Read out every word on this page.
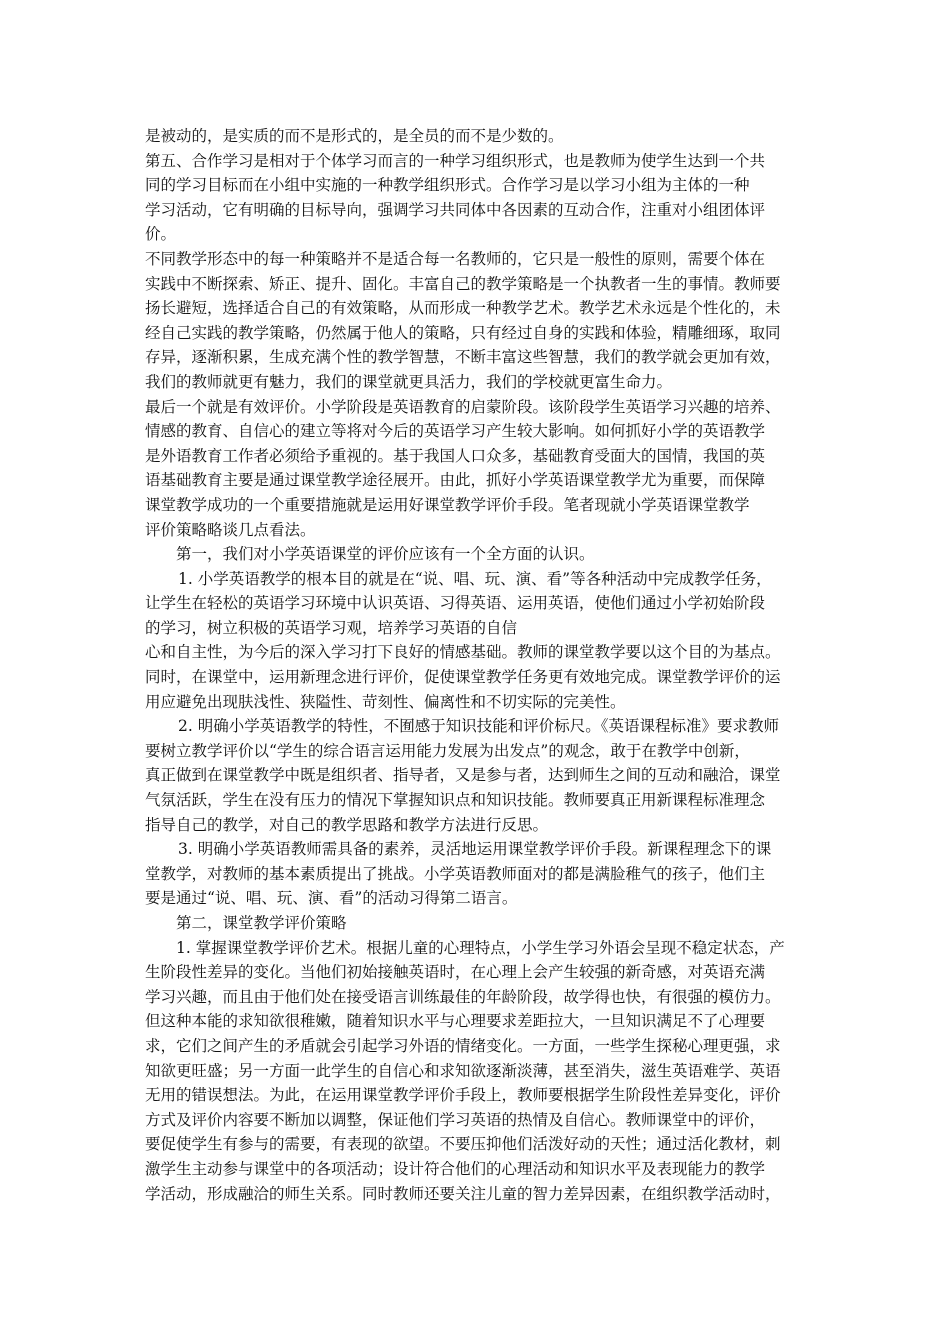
是被动的，是实质的而不是形式的，是全员的而不是少数的。
第五、合作学习是相对于个体学习而言的一种学习组织形式，也是教师为使学生达到一个共
同的学习目标而在小组中实施的一种教学组织形式。合作学习是以学习小组为主体的一种
学习活动，它有明确的目标导向，强调学习共同体中各因素的互动合作，注重对小组团体评
价。
不同教学形态中的每一种策略并不是适合每一名教师的，它只是一般性的原则，需要个体在
实践中不断探索、矫正、提升、固化。丰富自己的教学策略是一个执教者一生的事情。教师要
扬长避短，选择适合自己的有效策略，从而形成一种教学艺术。教学艺术永远是个性化的，未
经自己实践的教学策略，仍然属于他人的策略，只有经过自身的实践和体验，精雕细琢，取同
存异，逐渐积累，生成充满个性的教学智慧，不断丰富这些智慧，我们的教学就会更加有效，
我们的教师就更有魅力，我们的课堂就更具活力，我们的学校就更富生命力。
最后一个就是有效评价。小学阶段是英语教育的启蒙阶段。该阶段学生英语学习兴趣的培养、
情感的教育、自信心的建立等将对今后的英语学习产生较大影响。如何抓好小学的英语教学
是外语教育工作者必须给予重视的。基于我国人口众多，基础教育受面大的国情，我国的英
语基础教育主要是通过课堂教学途径展开。由此，抓好小学英语课堂教学尤为重要，而保障
课堂教学成功的一个重要措施就是运用好课堂教学评价手段。笔者现就小学英语课堂教学
评价策略略谈几点看法。
第一，我们对小学英语课堂的评价应该有一个全方面的认识。
1. 小学英语教学的根本目的就是在“说、唱、玩、演、看”等各种活动中完成教学任务，
让学生在轻松的英语学习环境中认识英语、习得英语、运用英语，使他们通过小学初始阶段
的学习，树立积极的英语学习观，培养学习英语的自信
心和自主性，为今后的深入学习打下良好的情感基础。教师的课堂教学要以这个目的为基点。
同时，在课堂中，运用新理念进行评价，促使课堂教学任务更有效地完成。课堂教学评价的运
用应避免出现肤浅性、狭隘性、苛刻性、偏离性和不切实际的完美性。
2. 明确小学英语教学的特性，不囿感于知识技能和评价标尺。《英语课程标准》要求教师
要树立教学评价以“学生的综合语言运用能力发展为出发点”的观念，敢于在教学中创新，
真正做到在课堂教学中既是组织者、指导者，又是参与者，达到师生之间的互动和融洽，课堂
气氛活跃，学生在没有压力的情况下掌握知识点和知识技能。教师要真正用新课程标准理念
指导自己的教学，对自己的教学思路和教学方法进行反思。
3. 明确小学英语教师需具备的素养，灵活地运用课堂教学评价手段。新课程理念下的课
堂教学，对教师的基本素质提出了挑战。小学英语教师面对的都是满脸稚气的孩子，他们主
要是通过“说、唱、玩、演、看”的活动习得第二语言。
第二，课堂教学评价策略
1. 掌握课堂教学评价艺术。根据儿童的心理特点，小学生学习外语会呈现不稳定状态，产
生阶段性差异的变化。当他们初始接触英语时，在心理上会产生较强的新奇感，对英语充满
学习兴趣，而且由于他们处在接受语言训练最佳的年龄阶段，故学得也快，有很强的模仿力。
但这种本能的求知欲很稚嫩，随着知识水平与心理要求差距拉大，一旦知识满足不了心理要
求，它们之间产生的矛盾就会引起学习外语的情绪变化。一方面，一些学生探秘心理更强，求
知欲更旺盛；另一方面一此学生的自信心和求知欲逐渐淡薄，甚至消失，滋生英语难学、英语
无用的错误想法。为此，在运用课堂教学评价手段上，教师要根据学生阶段性差异变化，评价
方式及评价内容要不断加以调整，保证他们学习英语的热情及自信心。教师课堂中的评价，
要促使学生有参与的需要，有表现的欲望。不要压抑他们活泼好动的天性；通过活化教材，刺
激学生主动参与课堂中的各项活动；设计符合他们的心理活动和知识水平及表现能力的教学
学活动，形成融洽的师生关系。同时教师还要关注儿童的智力差异因素，在组织教学活动时，
